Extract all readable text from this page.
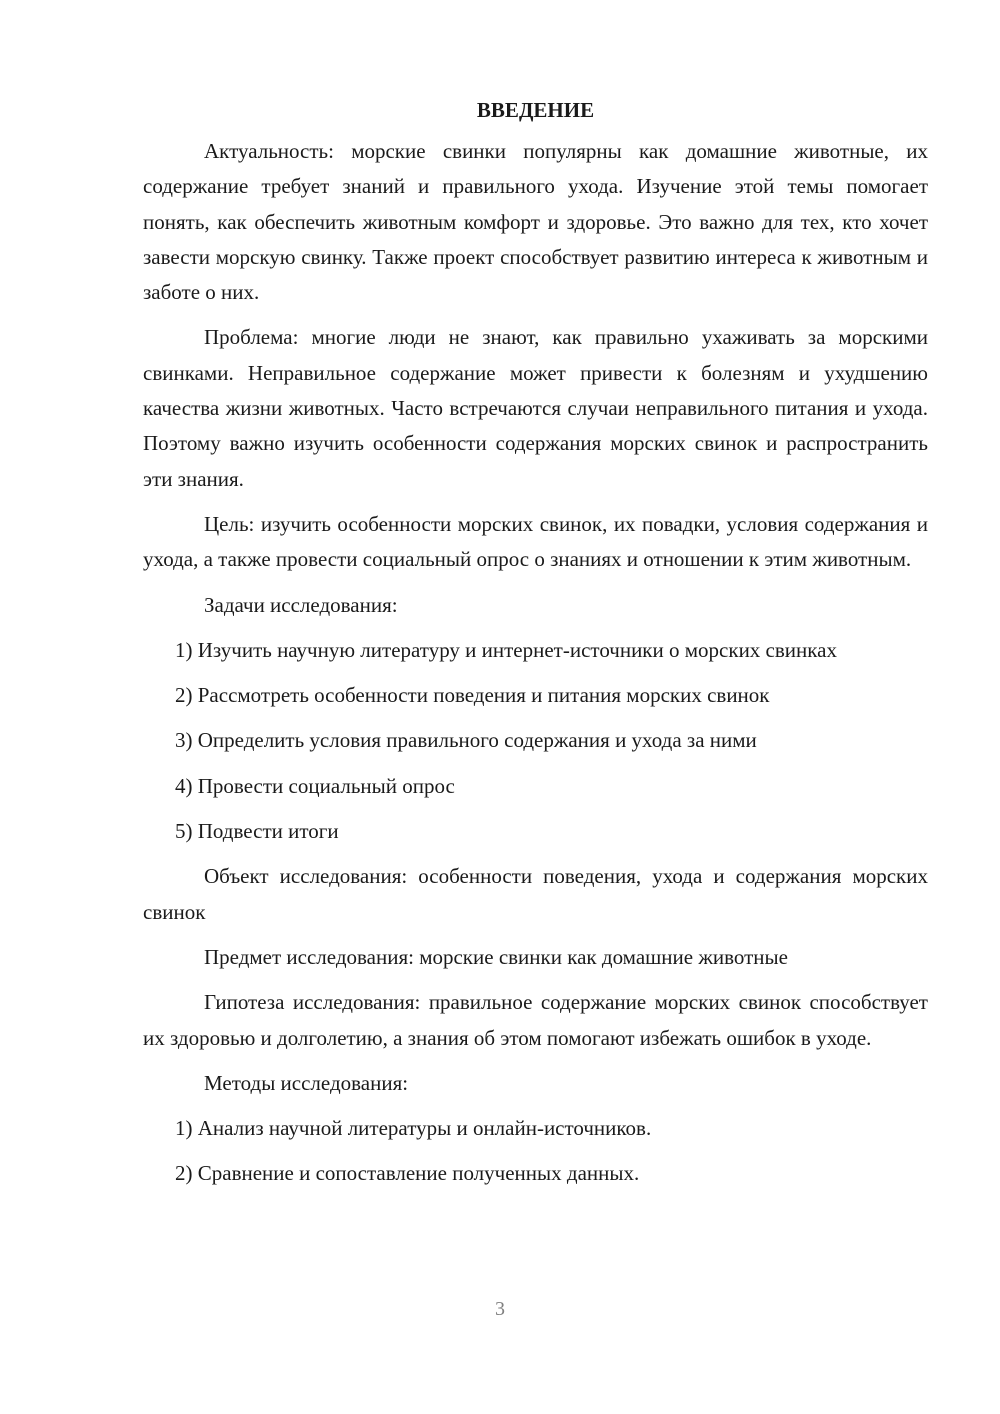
ВВЕДЕНИЕ

Актуальность: морские свинки популярны как домашние животные, их содержание требует знаний и правильного ухода. Изучение этой темы помогает понять, как обеспечить животным комфорт и здоровье. Это важно для тех, кто хочет завести морскую свинку. Также проект способствует развитию интереса к животным и заботе о них.

Проблема: многие люди не знают, как правильно ухаживать за морскими свинками. Неправильное содержание может привести к болезням и ухудшению качества жизни животных. Часто встречаются случаи неправильного питания и ухода. Поэтому важно изучить особенности содержания морских свинок и распространить эти знания.

Цель: изучить особенности морских свинок, их повадки, условия содержания и ухода, а также провести социальный опрос о знаниях и отношении к этим животным.

Задачи исследования:

1) Изучить научную литературу и интернет-источники о морских свинках

2) Рассмотреть особенности поведения и питания морских свинок

3) Определить условия правильного содержания и ухода за ними

4) Провести социальный опрос

5) Подвести итоги

Объект исследования: особенности поведения, ухода и содержания морских свинок

Предмет исследования: морские свинки как домашние животные

Гипотеза исследования: правильное содержание морских свинок способствует их здоровью и долголетию, а знания об этом помогают избежать ошибок в уходе.

Методы исследования:

1) Анализ научной литературы и онлайн-источников.

2) Сравнение и сопоставление полученных данных.

3
